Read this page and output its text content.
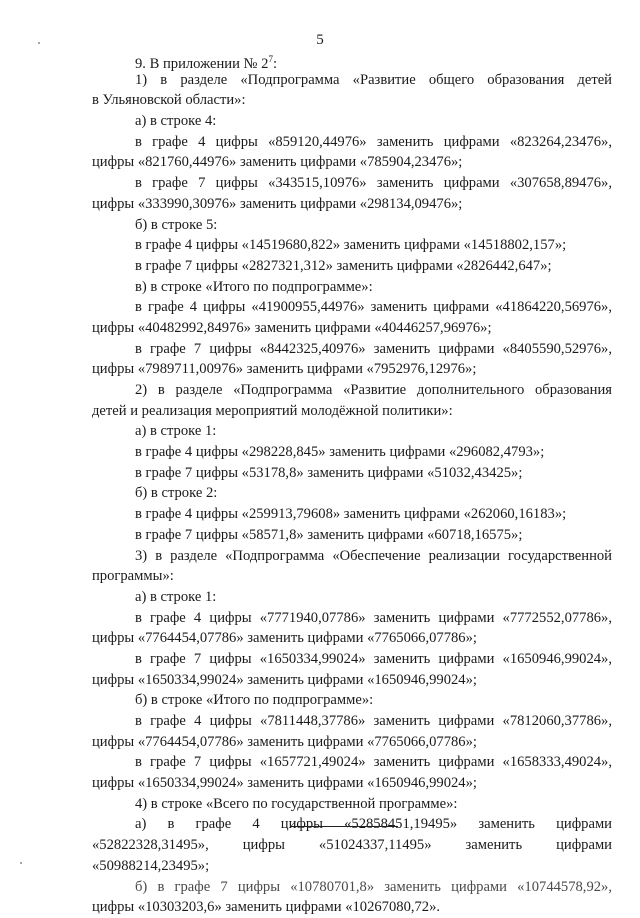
5
9. В приложении № $2^7$:
1) в разделе «Подпрограмма «Развитие общего образования детей
в Ульяновской области»:
а) в строке 4:
в графе 4 цифры «859120,44976» заменить цифрами «823264,23476»,
цифры «821760,44976» заменить цифрами «785904,23476»;
в графе 7 цифры «343515,10976» заменить цифрами «307658,89476»,
цифры «333990,30976» заменить цифрами «298134,09476»;
б) в строке 5:
в графе 4 цифры «14519680,822» заменить цифрами «14518802,157»;
в графе 7 цифры «2827321,312» заменить цифрами «2826442,647»;
в) в строке «Итого по подпрограмме»:
в графе 4 цифры «41900955,44976» заменить цифрами «41864220,56976»,
цифры «40482992,84976» заменить цифрами «40446257,96976»;
в графе 7 цифры «8442325,40976» заменить цифрами «8405590,52976»,
цифры «7989711,00976» заменить цифрами «7952976,12976»;
2) в разделе «Подпрограмма «Развитие дополнительного образования
детей и реализация мероприятий молодёжной политики»:
а) в строке 1:
в графе 4 цифры «298228,845» заменить цифрами «296082,4793»;
в графе 7 цифры «53178,8» заменить цифрами «51032,43425»;
б) в строке 2:
в графе 4 цифры «259913,79608» заменить цифрами «262060,16183»;
в графе 7 цифры «58571,8» заменить цифрами «60718,16575»;
3) в разделе «Подпрограмма «Обеспечение реализации государственной
программы»:
а) в строке 1:
в графе 4 цифры «7771940,07786» заменить цифрами «7772552,07786»,
цифры «7764454,07786» заменить цифрами «7765066,07786»;
в графе 7 цифры «1650334,99024» заменить цифрами «1650946,99024»,
цифры «1650334,99024» заменить цифрами «1650946,99024»;
б) в строке «Итого по подпрограмме»:
в графе 4 цифры «7811448,37786» заменить цифрами «7812060,37786»,
цифры «7764454,07786» заменить цифрами «7765066,07786»;
в графе 7 цифры «1657721,49024» заменить цифрами «1658333,49024»,
цифры «1650334,99024» заменить цифрами «1650946,99024»;
4) в строке «Всего по государственной программе»:
а) в графе 4 цифры «52858451,19495» заменить цифрами
«52822328,31495», цифры «51024337,11495» заменить цифрами
«50988214,23495»;
б) в графе 7 цифры «10780701,8» заменить цифрами «10744578,92»,
цифры «10303203,6» заменить цифрами «10267080,72».
